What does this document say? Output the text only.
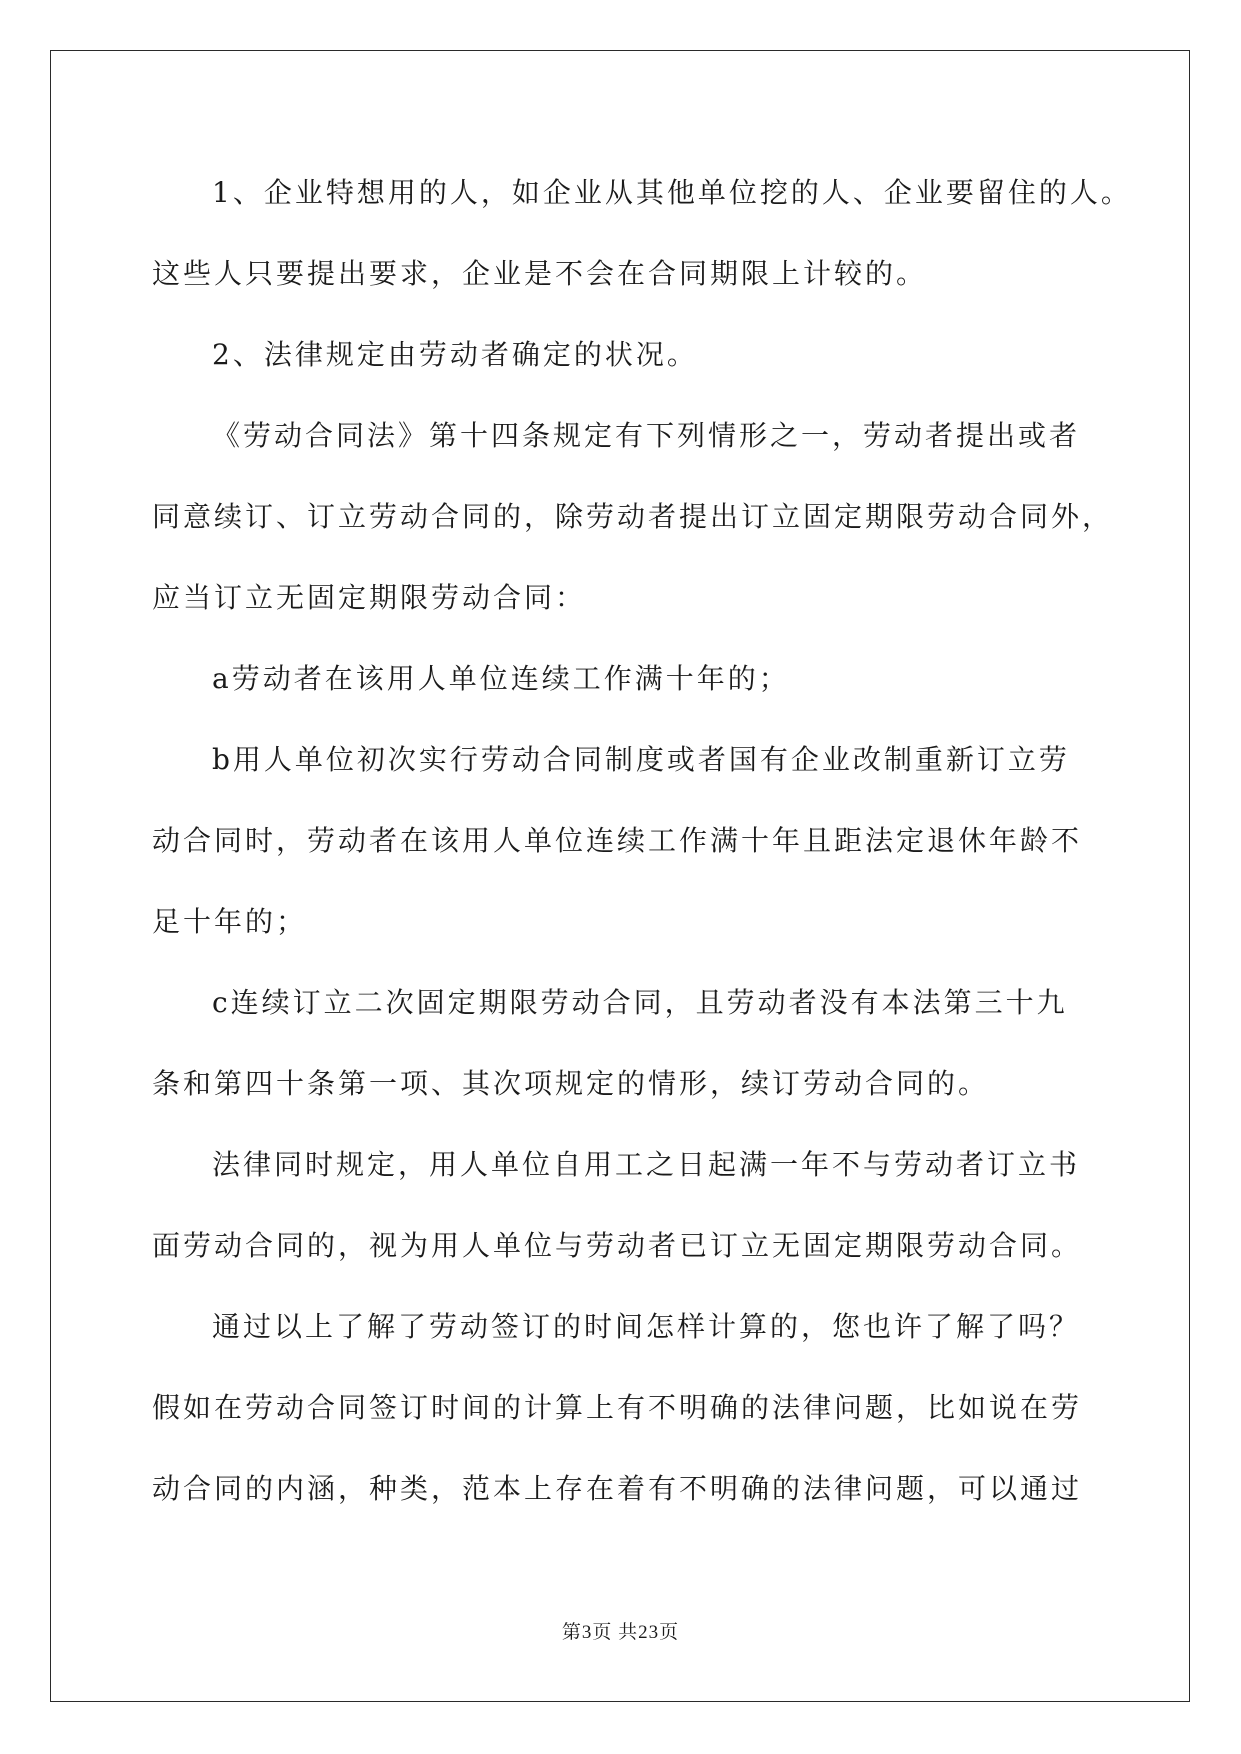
1、企业特想用的人，如企业从其他单位挖的人、企业要留住的人。

这些人只要提出要求，企业是不会在合同期限上计较的。

2、法律规定由劳动者确定的状况。

《劳动合同法》第十四条规定有下列情形之一，劳动者提出或者

同意续订、订立劳动合同的，除劳动者提出订立固定期限劳动合同外，

应当订立无固定期限劳动合同：

a劳动者在该用人单位连续工作满十年的；

b用人单位初次实行劳动合同制度或者国有企业改制重新订立劳

动合同时，劳动者在该用人单位连续工作满十年且距法定退休年龄不

足十年的；

c连续订立二次固定期限劳动合同，且劳动者没有本法第三十九

条和第四十条第一项、其次项规定的情形，续订劳动合同的。

法律同时规定，用人单位自用工之日起满一年不与劳动者订立书

面劳动合同的，视为用人单位与劳动者已订立无固定期限劳动合同。

通过以上了解了劳动签订的时间怎样计算的，您也许了解了吗？

假如在劳动合同签订时间的计算上有不明确的法律问题，比如说在劳

动合同的内涵，种类，范本上存在着有不明确的法律问题，可以通过

第3页 共23页
